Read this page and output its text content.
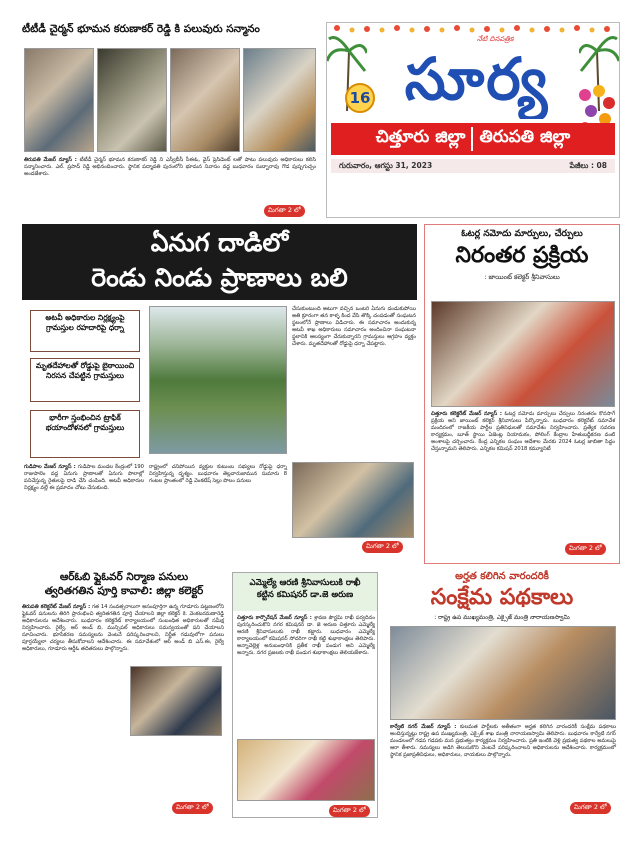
టీటీడీ చైర్మన్ భూమన కరుణాకర్ రెడ్డి కి పలువురు సన్మానం
తిరుపతి మేజర్ న్యూస్ : టీటీడీ చైర్మన్ భూమన కరుణాకర్ రెడ్డి ని ఎస్వీబీసీ సీఈఓ, వైస్ ప్రెసిడెంట్ లతో పాటు పలువురు అధికారులు కలిసి సన్మానించారు. ఎల్. ప్రసాద్ రెడ్డి అభినందించారు. స్థానిక పద్మావతి పురంలోని భూమన నివాసం వద్ద బుధవారం సుబ్బారావు గౌడ పుష్పగుచ్ఛం అందజేశారు.
మిగతా 2 లో
16
నేటి దినపత్రిక
సూర్య
చిత్తూరు జిల్లా తిరుపతి జిల్లా
గురువారం, ఆగస్టు 31, 2023	పేజీలు : 08
ఏనుగ దాడిలో
రెండు నిండు ప్రాణాలు బలి
అటవీ అధికారుల నిర్లక్ష్యంపై గ్రామస్తుల రహదారిపై ధర్నా
మృతదేహాలతో రోడ్డుపై బైఠాయించి నిరసన చేపట్టిన గ్రామస్తులు
భారీగా స్తంభించిన ట్రాఫిక్ భయాందోళనలో గ్రామస్తులు
చేసుకుంటుంది అటుగా వచ్చిన ఒంటరి ఏనుగు దండుకుపోయి అతి క్రూరంగా తన కాళ్ళ కింద వేసి తొక్కి చంపడంతో సంఘటన స్థలంలోనే ప్రాణాలు విడిచారు. ఈ సమాచారం అందుకున్న అటవీ శాఖ అధికారులు సమాచారం అందించినా సంఘటనా స్థలానికి ఆలస్యంగా చేరుకున్నారని గ్రామస్తులు ఆగ్రహం వ్యక్తం చేశారు. మృతదేహాలతో రోడ్డుపై ధర్నా చేపట్టారు.
గుడిపాల మేజర్ న్యూస్ : గుడిపాల మండల కేంద్రంలో 190 రాజుపాలెం వద్ద ఏనుగు ప్రాణాలతో ఏనుగు పొలాల్లో పనిచేస్తున్న రైతులపై దాడి చేసి చంపింది. అటవీ అధికారుల నిర్లక్ష్యం వల్లే ఈ ప్రమాదం చోటు చేసుకుంది.
రాష్ట్రంలో చనిపోయిన వ్యక్తుల కుటుంబ సభ్యులు రోడ్డుపై ధర్నా నిర్వహిస్తున్న దృశ్యం. బుధవారం తెల్లవారుజామున సుమారు 8 గంటల ప్రాంతంలో రెడ్డి వెంకటేష్ సెల్లు పొలం పనులు
మిగతా 2 లో
ఓటర్ల నమోదు మార్పులు, చేర్పులు
నిరంతర ప్రక్రియ
: జాయింట్ కలెక్టర్ శ్రీనివాసులు
చిత్తూరు కలెక్టరేట్ మేజర్ న్యూస్ : ఓటర్ల నమోదు మార్పులు చేర్పులు నిరంతరం కొనసాగే ప్రక్రియ అని జాయింట్ కలెక్టర్ శ్రీనివాసులు పేర్కొన్నారు. బుధవారం కలెక్టరేట్ సమావేశ మందిరంలో రాజకీయ పార్టీల ప్రతినిధులతో సమావేశం నిర్వహించారు. ప్రత్యేక సవరణ కార్యక్రమం, బూత్ స్థాయి ఏజెంట్ల నియామకం, పోలింగ్ కేంద్రాల హేతుబద్ధీకరణ వంటి అంశాలపై చర్చించారు. కేంద్ర ఎన్నికల సంఘం ఆదేశాల మేరకు 2024 ఓటర్ల జాబితా సిద్ధం చేస్తున్నామని తెలిపారు. ఎన్నికల కమిషన్ 2018 కమ్యూనిటీ
మిగతా 2 లో
ఆర్ఓబి ఫ్లైఓవర్ నిర్మాణ పనులు
త్వరితగతిన పూర్తి కావాలి: జిల్లా కలెక్టర్
తిరుపతి కలెక్టరేట్ మేజర్ న్యూస్ : గత 14 సంవత్సరాలుగా అసంపూర్తిగా ఉన్న గూడూరు పట్టణంలోని ఫ్లైఓవర్ పనులను తిరిగి ప్రారంభించి త్వరితగతిన పూర్తి చేయాలని జిల్లా కలెక్టర్ కె. వెంకటరమణారెడ్డి అధికారులను ఆదేశించారు. బుధవారం కలెక్టరేట్ కార్యాలయంలో సంబంధిత అధికారులతో సమీక్ష నిర్వహించారు. రైల్వే, ఆర్ అండ్ బి, మున్సిపల్ అధికారులు సమన్వయంతో పని చేయాలని సూచించారు. భూసేకరణ సమస్యలను వెంటనే పరిష్కరించాలని, నిర్ణీత గడువులోగా పనులు పూర్తయ్యేలా చర్యలు తీసుకోవాలని ఆదేశించారు. ఈ సమావేశంలో ఆర్ అండ్ బి ఎస్.ఈ, రైల్వే అధికారులు, గూడూరు ఆర్డీఓ తదితరులు పాల్గొన్నారు.
మిగతా 2 లో
ఎమ్మెల్యే ఆరణి శ్రీనివాసులుకి రాఖీ
కట్టిన కమిషనర్ డా.జె అరుణ
చిత్తూరు కార్పొరేషన్ మేజర్ న్యూస్ : శ్రావణ పౌర్ణమి రాఖీ పర్వదినం పురస్కరించుకొని నగర కమిషనర్ డా. జె అరుణ చిత్తూరు ఎమ్మెల్యే ఆరణి శ్రీనివాసులుకు రాఖీ కట్టారు. బుధవారం ఎమ్మెల్యే కార్యాలయంలో కమిషనర్ సోదరిగా రాఖీ కట్టి శుభాకాంక్షలు తెలిపారు. అన్నాచెల్లెళ్ల అనుబంధానికి ప్రతీక రాఖీ పండుగ అని ఎమ్మెల్యే అన్నారు. నగర ప్రజలకు రాఖీ పండుగ శుభాకాంక్షలు తెలియజేశారు.
మిగతా 2 లో
అర్హత కలిగిన వారందరికీ
సంక్షేమ పథకాలు
: రాష్ట్ర ఉప ముఖ్యమంత్రి, ఎక్సైజ్ మంత్రి నారాయణస్వామి
కార్వేటి నగర్ మేజర్ న్యూస్ : కులమత పార్టీలకు అతీతంగా అర్హత కలిగిన వారందరికీ సంక్షేమ పథకాలు అందిస్తున్నట్లు రాష్ట్ర ఉప ముఖ్యమంత్రి, ఎక్సైజ్ శాఖ మంత్రి నారాయణస్వామి తెలిపారు. బుధవారం కార్వేటి నగర్ మండలంలో గడప గడపకు మన ప్రభుత్వం కార్యక్రమం నిర్వహించారు. ప్రతి ఇంటికి వెళ్లి ప్రభుత్వ పథకాల అమలుపై ఆరా తీశారు. సమస్యలు అడిగి తెలుసుకొని వెంటనే పరిష్కరించాలని అధికారులను ఆదేశించారు. కార్యక్రమంలో స్థానిక ప్రజాప్రతినిధులు, అధికారులు, నాయకులు పాల్గొన్నారు.
మిగతా 2 లో
